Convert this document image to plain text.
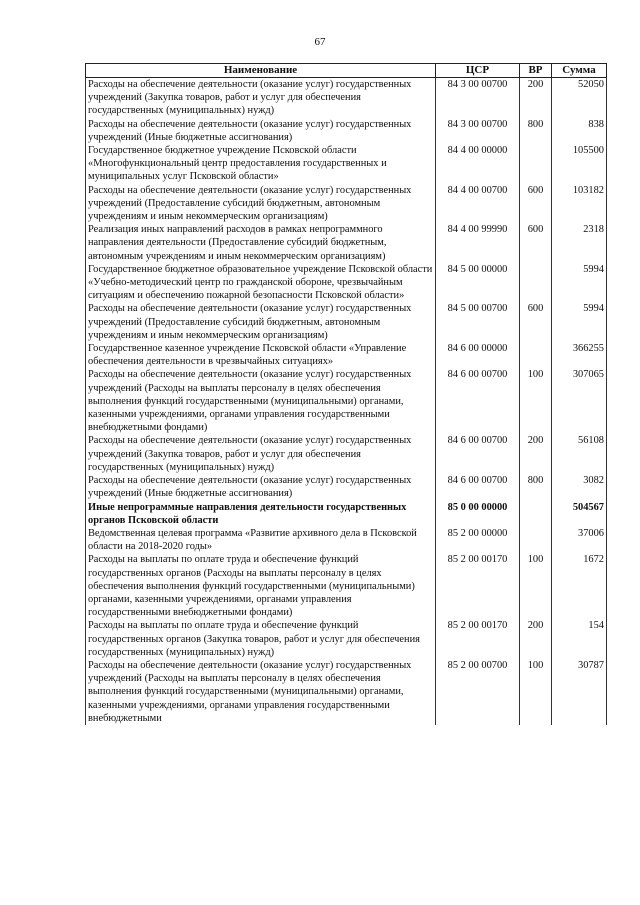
67
Наименование	ЦСР	ВР	Сумма
Расходы на обеспечение деятельности (оказание услуг) государственных учреждений (Закупка товаров, работ и услуг для обеспечения государственных (муниципальных) нужд)	84 3 00 00700	200	52050
Расходы на обеспечение деятельности (оказание услуг) государственных учреждений (Иные бюджетные ассигнования)	84 3 00 00700	800	838
Государственное бюджетное учреждение Псковской области «Многофункциональный центр предоставления государственных и муниципальных услуг Псковской области»	84 4 00 00000		105500
Расходы на обеспечение деятельности (оказание услуг) государственных учреждений (Предоставление субсидий бюджетным, автономным учреждениям и иным некоммерческим организациям)	84 4 00 00700	600	103182
Реализация иных направлений расходов в рамках непрограммного направления деятельности (Предоставление субсидий бюджетным, автономным учреждениям и иным некоммерческим организациям)	84 4 00 99990	600	2318
Государственное бюджетное образовательное учреждение Псковской области «Учебно-методический центр по гражданской обороне, чрезвычайным ситуациям и обеспечению пожарной безопасности Псковской области»	84 5 00 00000		5994
Расходы на обеспечение деятельности (оказание услуг) государственных учреждений (Предоставление субсидий бюджетным, автономным учреждениям и иным некоммерческим организациям)	84 5 00 00700	600	5994
Государственное казенное учреждение Псковской области «Управление обеспечения деятельности в чрезвычайных ситуациях»	84 6 00 00000		366255
Расходы на обеспечение деятельности (оказание услуг) государственных учреждений (Расходы на выплаты персоналу в целях обеспечения выполнения функций государственными (муниципальными) органами, казенными учреждениями, органами управления государственными внебюджетными фондами)	84 6 00 00700	100	307065
Расходы на обеспечение деятельности (оказание услуг) государственных учреждений (Закупка товаров, работ и услуг для обеспечения государственных (муниципальных) нужд)	84 6 00 00700	200	56108
Расходы на обеспечение деятельности (оказание услуг) государственных учреждений (Иные бюджетные ассигнования)	84 6 00 00700	800	3082
Иные непрограммные направления деятельности государственных органов Псковской области	85 0 00 00000		504567
Ведомственная целевая программа «Развитие архивного дела в Псковской области на 2018-2020 годы»	85 2 00 00000		37006
Расходы на выплаты по оплате труда и обеспечение функций государственных органов (Расходы на выплаты персоналу в целях обеспечения выполнения функций государственными (муниципальными) органами, казенными учреждениями, органами управления государственными внебюджетными фондами)	85 2 00 00170	100	1672
Расходы на выплаты по оплате труда и обеспечение функций государственных органов (Закупка товаров, работ и услуг для обеспечения государственных (муниципальных) нужд)	85 2 00 00170	200	154
Расходы на обеспечение деятельности (оказание услуг) государственных учреждений (Расходы на выплаты персоналу в целях обеспечения выполнения функций государственными (муниципальными) органами, казенными учреждениями, органами управления государственными внебюджетными	85 2 00 00700	100	30787
